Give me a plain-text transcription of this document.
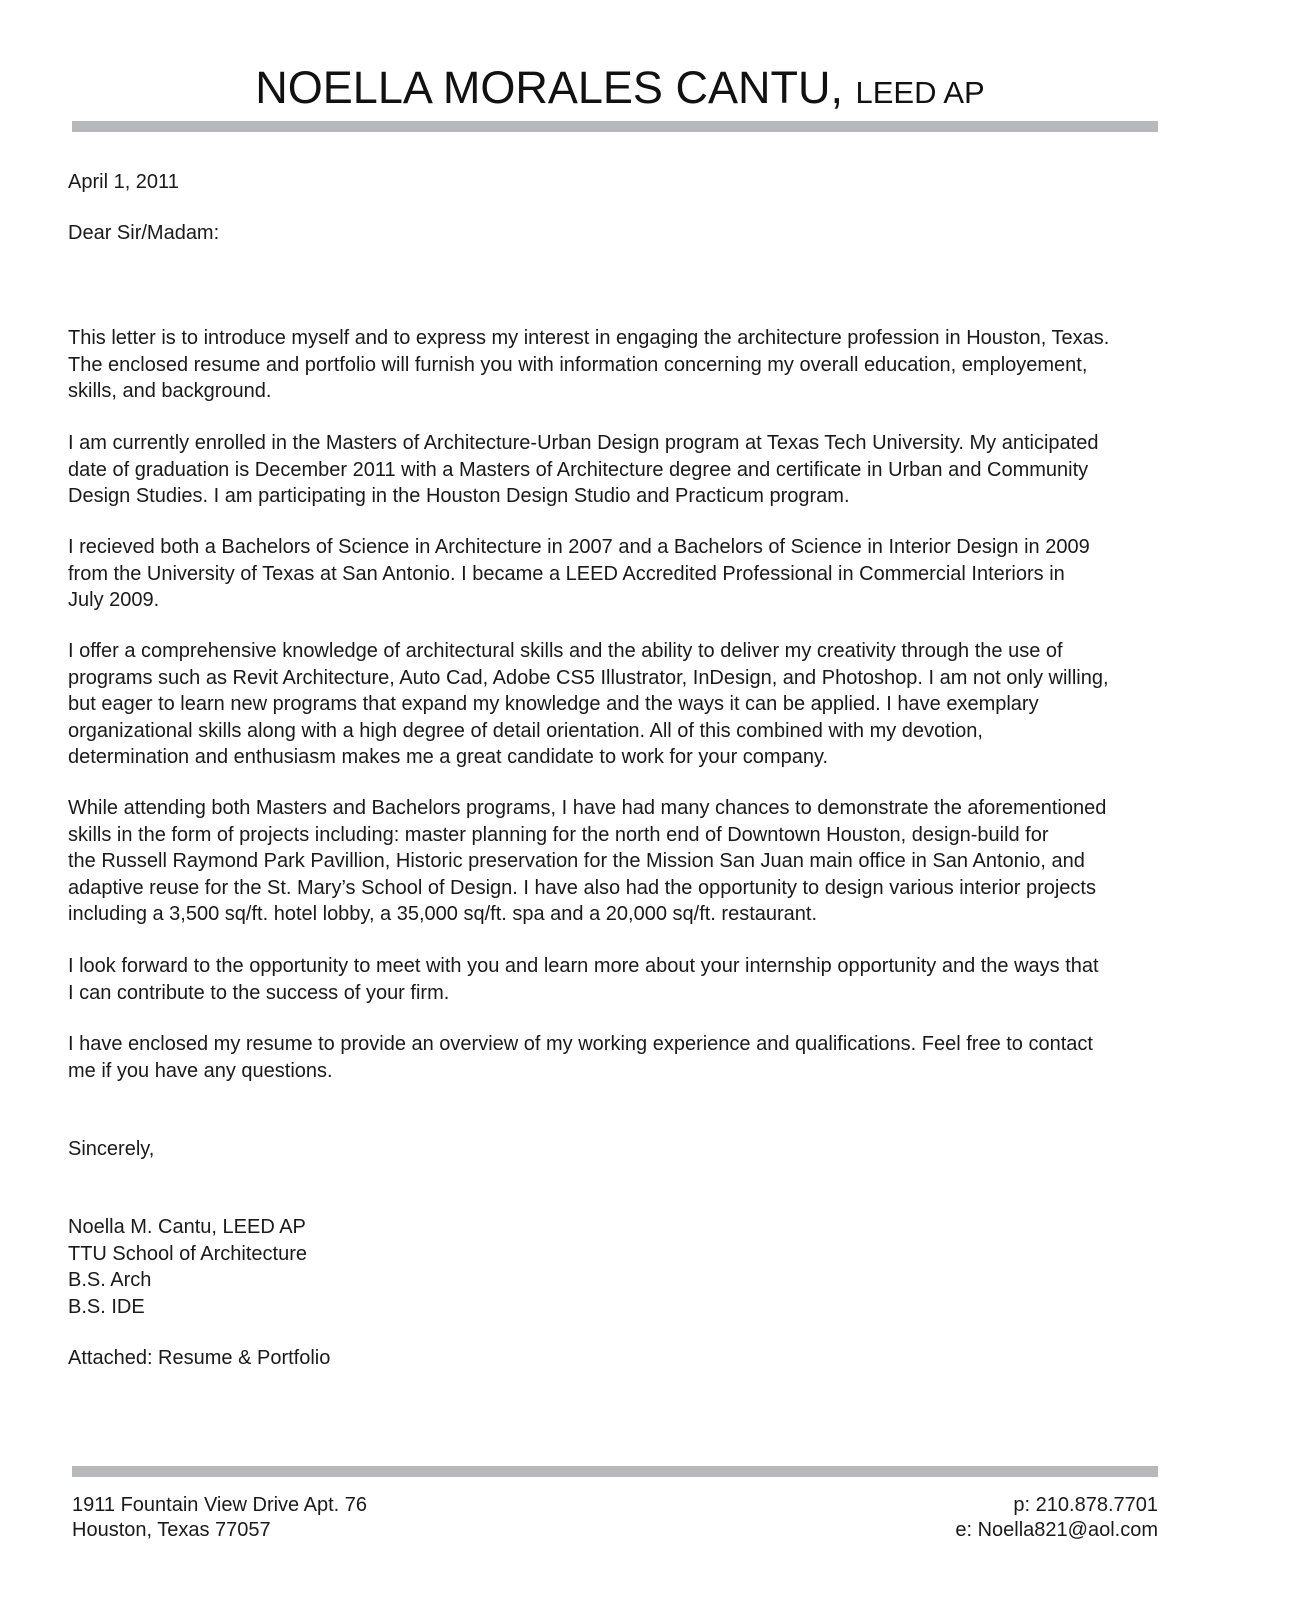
NOELLA MORALES CANTU, LEED AP
April 1, 2011
Dear Sir/Madam:
This letter is to introduce myself and to express my interest in engaging the architecture profession in Houston, Texas.
The enclosed resume and portfolio will furnish you with information concerning my overall education, employement,
skills, and background.
I am currently enrolled in the Masters of Architecture-Urban Design program at Texas Tech University. My anticipated
date of graduation is December 2011 with a Masters of Architecture degree and certificate in Urban and Community
Design Studies. I am participating in the Houston Design Studio and Practicum program.
I recieved both a Bachelors of Science in Architecture in 2007 and a Bachelors of Science in Interior Design in 2009
from the University of Texas at San Antonio. I became a LEED Accredited Professional in Commercial Interiors in
July 2009.
I offer a comprehensive knowledge of architectural skills and the ability to deliver my creativity through the use of
programs such as Revit Architecture, Auto Cad, Adobe CS5 Illustrator, InDesign, and Photoshop. I am not only willing,
but eager to learn new programs that expand my knowledge and the ways it can be applied. I have exemplary
organizational skills along with a high degree of detail orientation. All of this combined with my devotion,
determination and enthusiasm makes me a great candidate to work for your company.
While attending both Masters and Bachelors programs, I have had many chances to demonstrate the aforementioned
skills in the form of projects including: master planning for the north end of Downtown Houston, design-build for
the Russell Raymond Park Pavillion, Historic preservation for the Mission San Juan main office in San Antonio, and
adaptive reuse for the St. Mary’s School of Design. I have also had the opportunity to design various interior projects
including a 3,500 sq/ft. hotel lobby, a 35,000 sq/ft. spa and a 20,000 sq/ft. restaurant.
I look forward to the opportunity to meet with you and learn more about your internship opportunity and the ways that
I can contribute to the success of your firm.
I have enclosed my resume to provide an overview of my working experience and qualifications. Feel free to contact
me if you have any questions.
Sincerely,
Noella M. Cantu, LEED AP
TTU School of Architecture
B.S. Arch
B.S. IDE
Attached: Resume & Portfolio
1911 Fountain View Drive Apt. 76
Houston, Texas 77057
p: 210.878.7701
e: Noella821@aol.com
